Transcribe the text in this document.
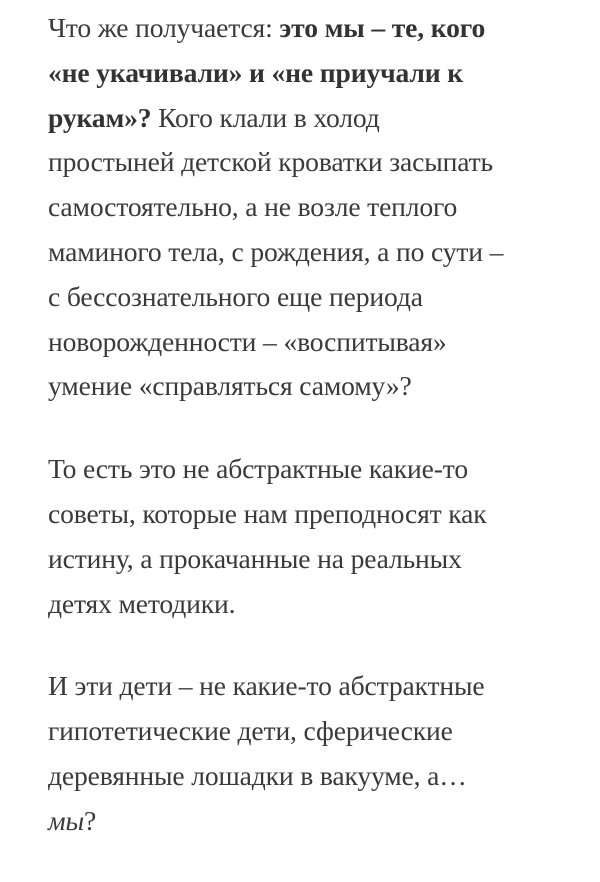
Что же получается: это мы – те, кого
«не укачивали» и «не приучали к
рукам»? Кого клали в холод
простыней детской кроватки засыпать
самостоятельно, а не возле теплого
маминого тела, с рождения, а по сути –
с бессознательного еще периода
новорожденности – «воспитывая»
умение «справляться самому»?
То есть это не абстрактные какие-то
советы, которые нам преподносят как
истину, а прокачанные на реальных
детях методики.
И эти дети – не какие-то абстрактные
гипотетические дети, сферические
деревянные лошадки в вакууме, а…
мы?
